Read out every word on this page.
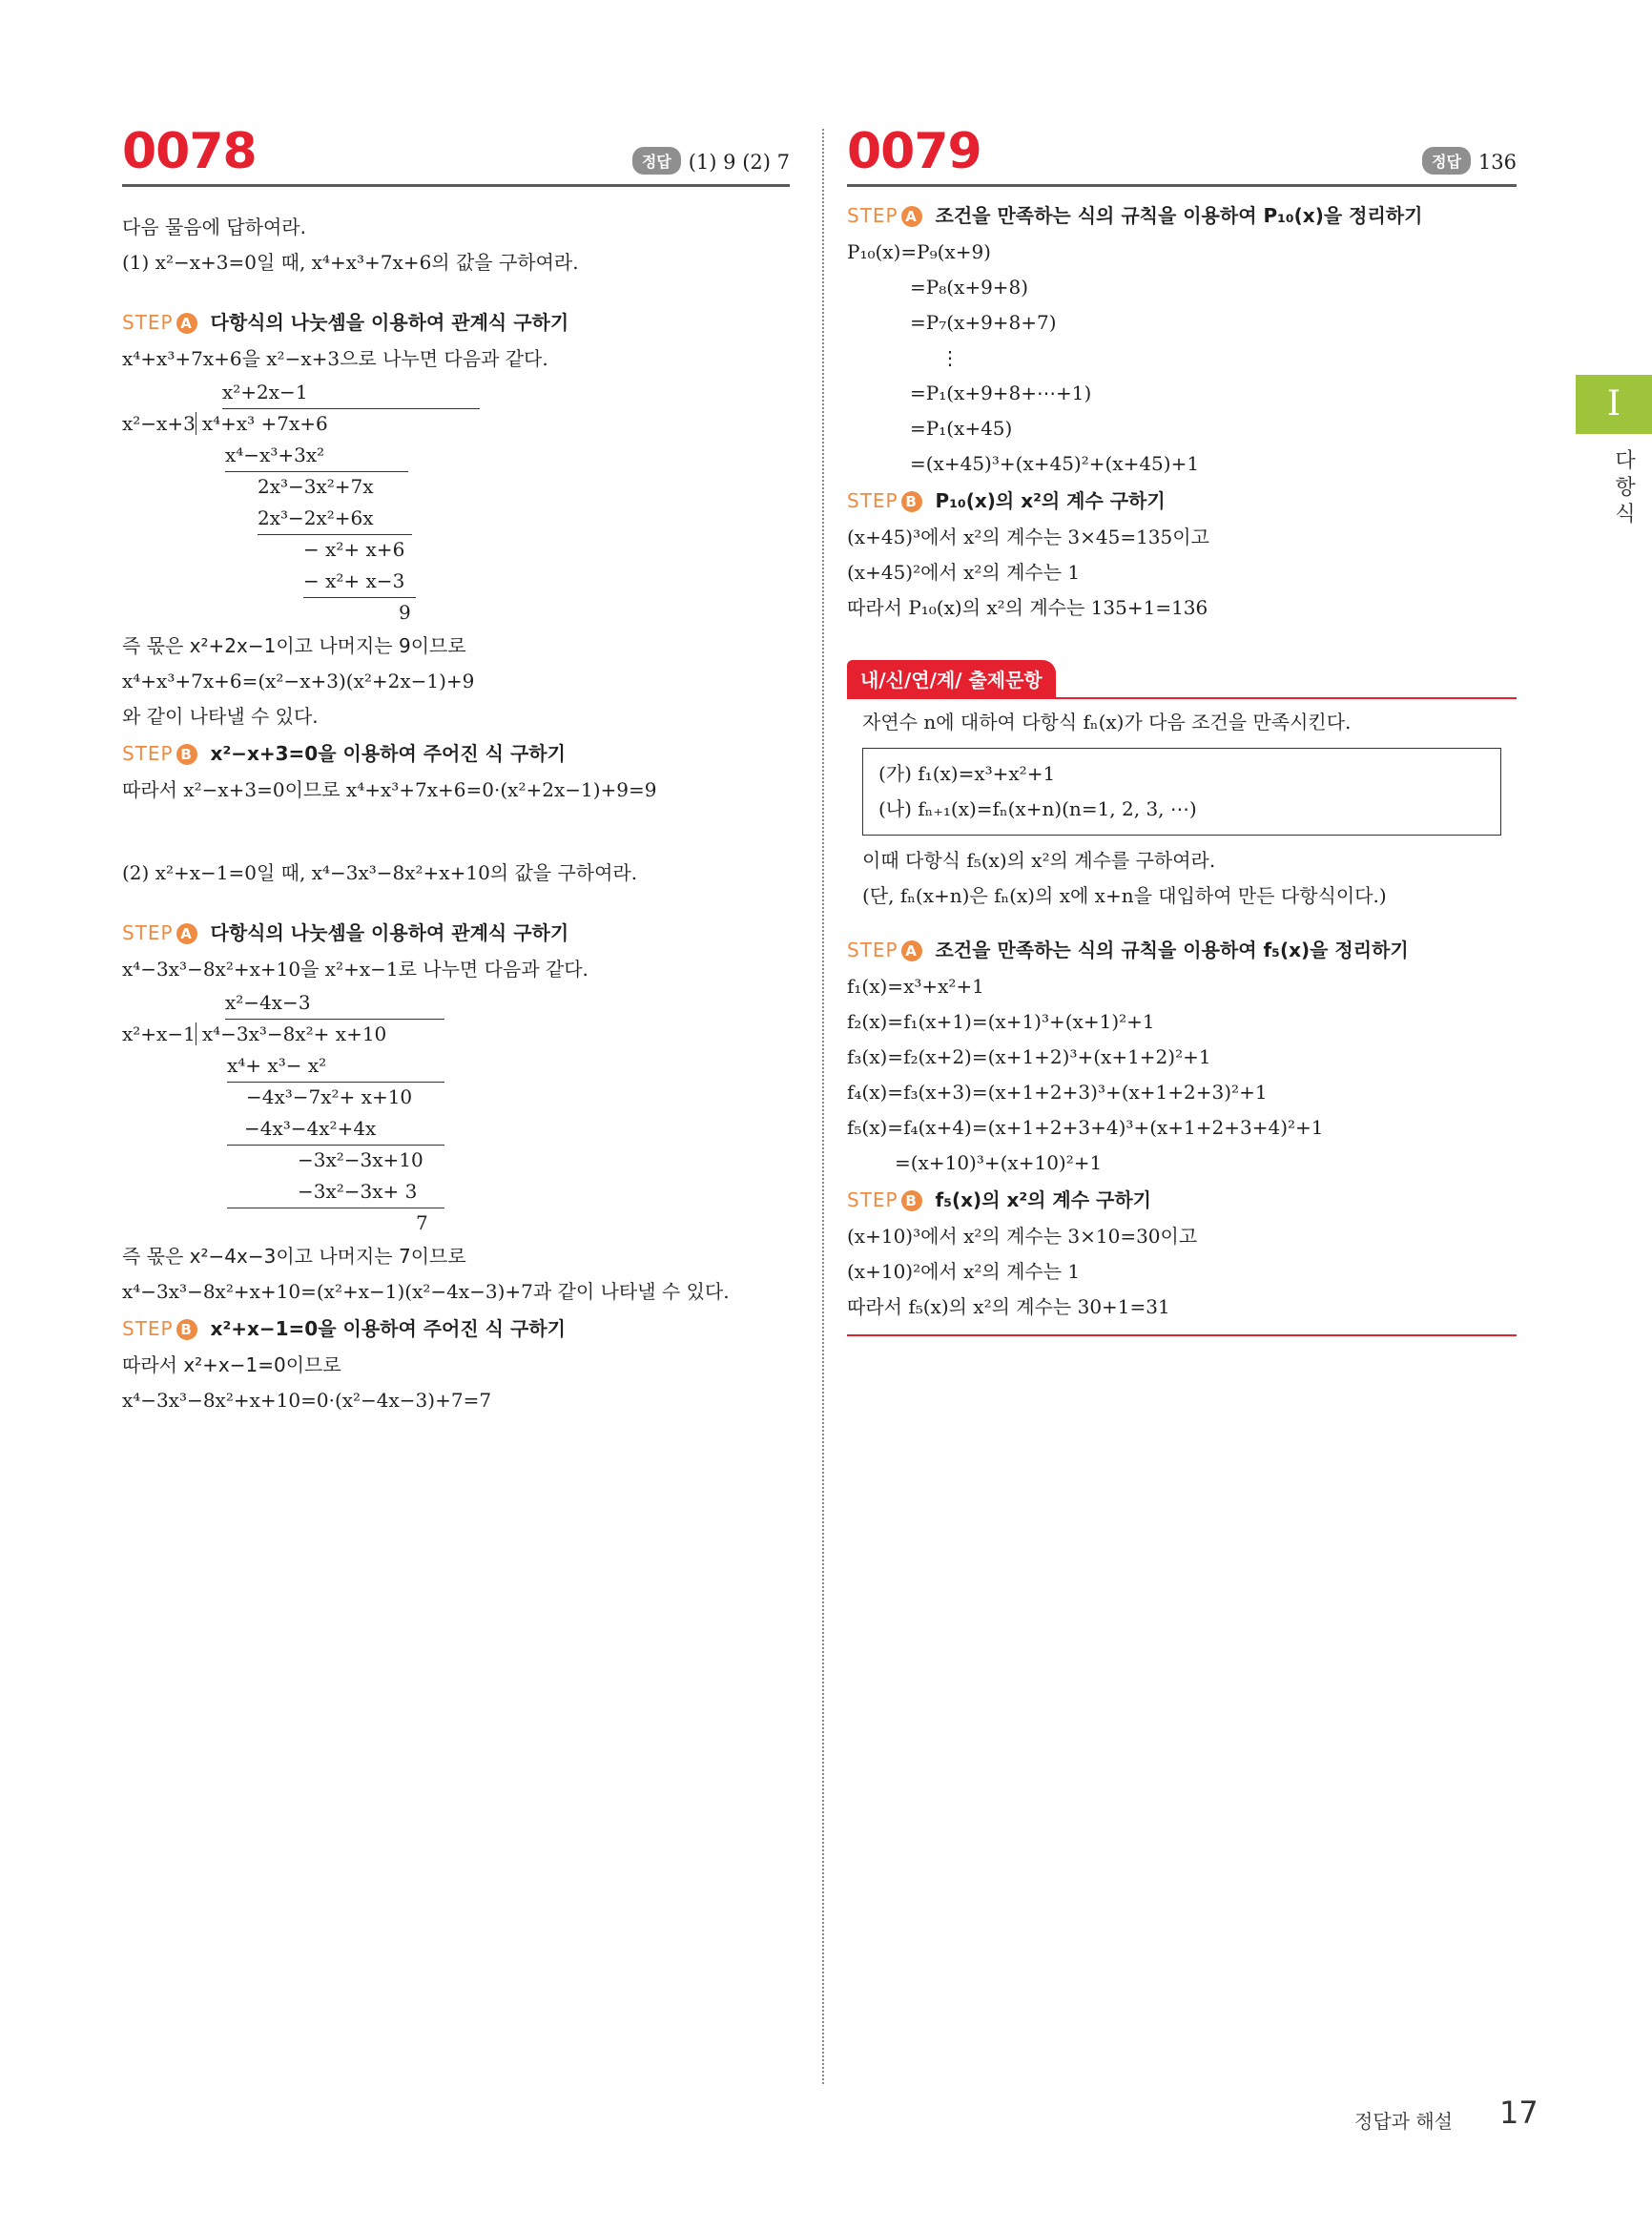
0078	정답 (1) 9 (2) 7
다음 물음에 답하여라.
(1) x²−x+3=0일 때, x⁴+x³+7x+6의 값을 구하여라.
STEP A 다항식의 나눗셈을 이용하여 관계식 구하기
x⁴+x³+7x+6을 x²−x+3으로 나누면 다음과 같다.
x²+2x−1
x²−x+3 x⁴+x³ +7x+6
x⁴−x³+3x²
2x³−3x²+7x
2x³−2x²+6x
− x²+ x+6
− x²+ x−3
9
즉 몫은 x²+2x−1이고 나머지는 9이므로
x⁴+x³+7x+6=(x²−x+3)(x²+2x−1)+9
와 같이 나타낼 수 있다.
STEP B x²−x+3=0을 이용하여 주어진 식 구하기
따라서 x²−x+3=0이므로 x⁴+x³+7x+6=0·(x²+2x−1)+9=9
(2) x²+x−1=0일 때, x⁴−3x³−8x²+x+10의 값을 구하여라.
STEP A 다항식의 나눗셈을 이용하여 관계식 구하기
x⁴−3x³−8x²+x+10을 x²+x−1로 나누면 다음과 같다.
x²−4x−3
x²+x−1 x⁴−3x³−8x²+ x+10
x⁴+ x³− x²
−4x³−7x²+ x+10
−4x³−4x²+4x
−3x²−3x+10
−3x²−3x+ 3
7
즉 몫은 x²−4x−3이고 나머지는 7이므로
x⁴−3x³−8x²+x+10=(x²+x−1)(x²−4x−3)+7과 같이 나타낼 수 있다.
STEP B x²+x−1=0을 이용하여 주어진 식 구하기
따라서 x²+x−1=0이므로
x⁴−3x³−8x²+x+10=0·(x²−4x−3)+7=7
0079	정답 136
STEP A 조건을 만족하는 식의 규칙을 이용하여 P₁₀(x)을 정리하기
P₁₀(x)=P₉(x+9)
=P₈(x+9+8)
=P₇(x+9+8+7)
⋮
=P₁(x+9+8+⋯+1)
=P₁(x+45)
=(x+45)³+(x+45)²+(x+45)+1
STEP B P₁₀(x)의 x²의 계수 구하기
(x+45)³에서 x²의 계수는 3×45=135이고
(x+45)²에서 x²의 계수는 1
따라서 P₁₀(x)의 x²의 계수는 135+1=136
내/신/연/계/ 출제문항
자연수 n에 대하여 다항식 fₙ(x)가 다음 조건을 만족시킨다.
(가) f₁(x)=x³+x²+1
(나) fₙ₊₁(x)=fₙ(x+n)(n=1, 2, 3, ⋯)
이때 다항식 f₅(x)의 x²의 계수를 구하여라.
(단, fₙ(x+n)은 fₙ(x)의 x에 x+n을 대입하여 만든 다항식이다.)
STEP A 조건을 만족하는 식의 규칙을 이용하여 f₅(x)을 정리하기
f₁(x)=x³+x²+1
f₂(x)=f₁(x+1)=(x+1)³+(x+1)²+1
f₃(x)=f₂(x+2)=(x+1+2)³+(x+1+2)²+1
f₄(x)=f₃(x+3)=(x+1+2+3)³+(x+1+2+3)²+1
f₅(x)=f₄(x+4)=(x+1+2+3+4)³+(x+1+2+3+4)²+1
=(x+10)³+(x+10)²+1
STEP B f₅(x)의 x²의 계수 구하기
(x+10)³에서 x²의 계수는 3×10=30이고
(x+10)²에서 x²의 계수는 1
따라서 f₅(x)의 x²의 계수는 30+1=31
I
다
항
식
정답과 해설 17
